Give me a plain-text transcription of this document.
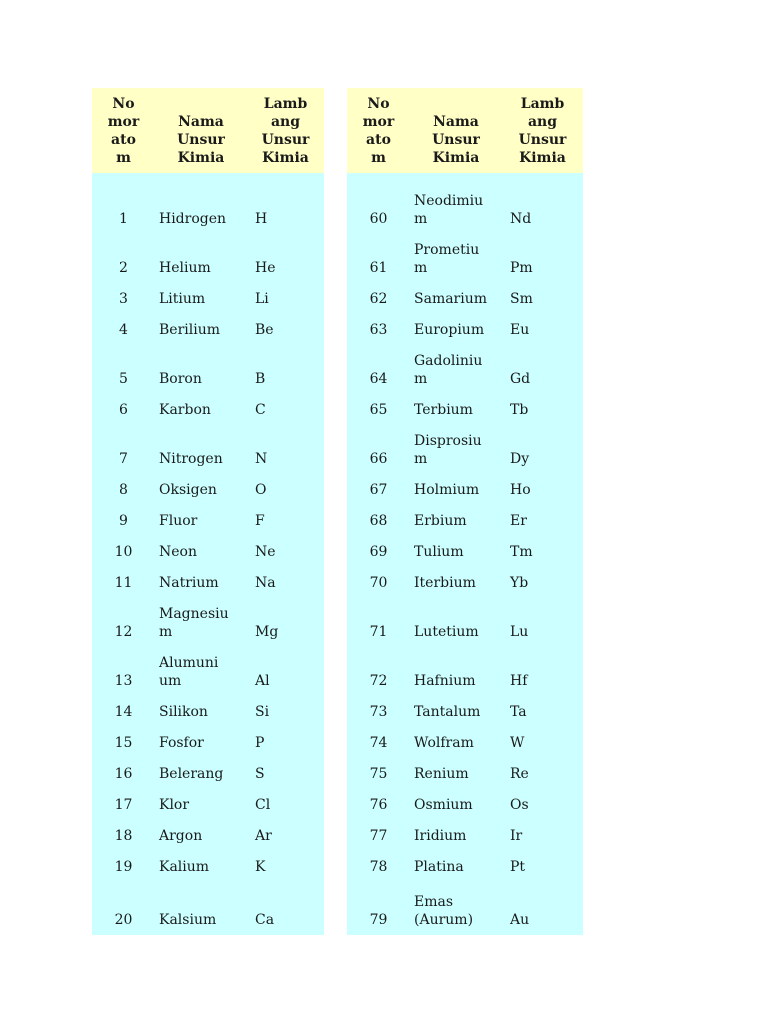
No
mor
ato
m	Nama
Unsur
Kimia	Lamb
ang
Unsur
Kimia
1	Hidrogen	H
2	Helium	He
3	Litium	Li
4	Berilium	Be
5	Boron	B
6	Karbon	C
7	Nitrogen	N
8	Oksigen	O
9	Fluor	F
10	Neon	Ne
11	Natrium	Na
12	Magnesiu
m	Mg
13	Alumuni
um	Al
14	Silikon	Si
15	Fosfor	P
16	Belerang	S
17	Klor	Cl
18	Argon	Ar
19	Kalium	K
20	Kalsium	Ca
No
mor
ato
m	Nama
Unsur
Kimia	Lamb
ang
Unsur
Kimia
60	Neodimiu
m	Nd
61	Prometiu
m	Pm
62	Samarium	Sm
63	Europium	Eu
64	Gadoliniu
m	Gd
65	Terbium	Tb
66	Disprosiu
m	Dy
67	Holmium	Ho
68	Erbium	Er
69	Tulium	Tm
70	Iterbium	Yb
71	Lutetium	Lu
72	Hafnium	Hf
73	Tantalum	Ta
74	Wolfram	W
75	Renium	Re
76	Osmium	Os
77	Iridium	Ir
78	Platina	Pt
79	Emas
(Aurum)	Au
